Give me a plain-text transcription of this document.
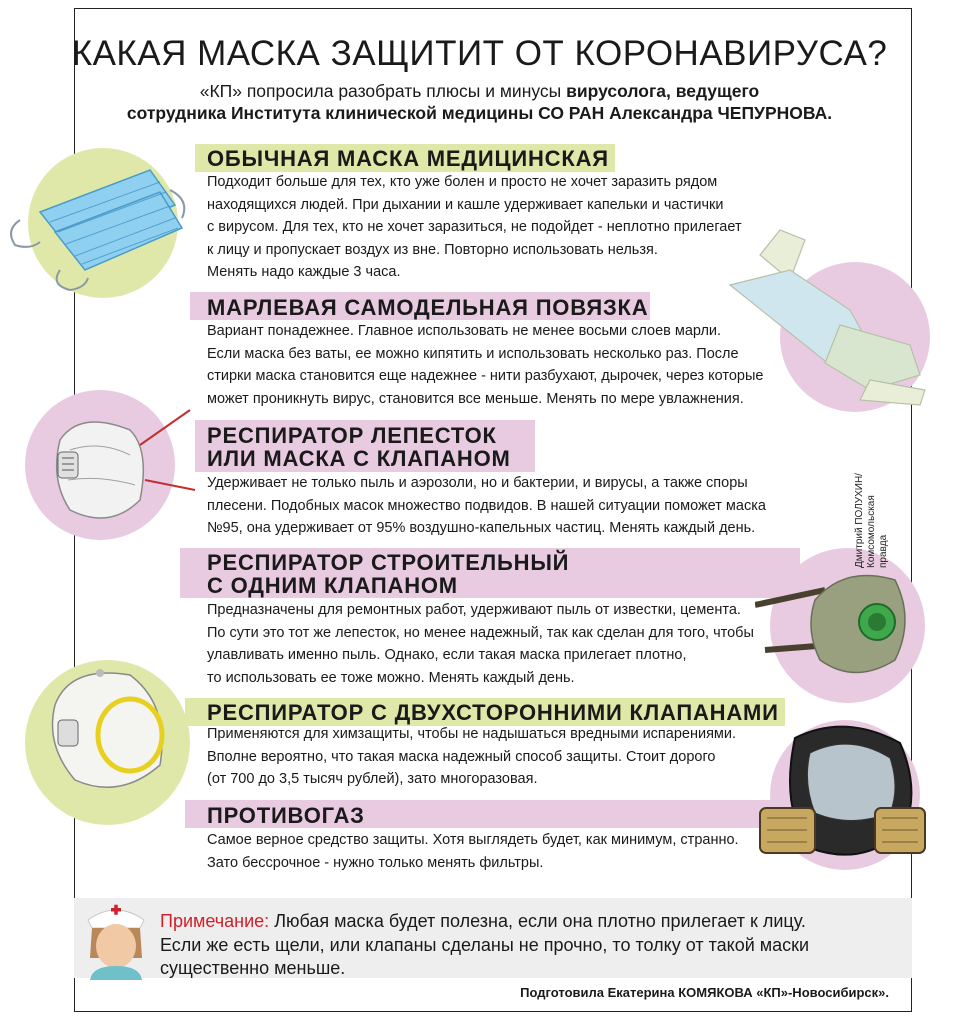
КАКАЯ МАСКА ЗАЩИТИТ ОТ КОРОНАВИРУСА?
«КП» попросила разобрать плюсы и минусы вирусолога, ведущего
сотрудника Института клинической медицины СО РАН Александра ЧЕПУРНОВА.
ОБЫЧНАЯ МАСКА МЕДИЦИНСКАЯ
Подходит больше для тех, кто уже болен и просто не хочет заразить рядом
находящихся людей. При дыхании и кашле удерживает капельки и частички
с вирусом. Для тех, кто не хочет заразиться, не подойдет - неплотно прилегает
к лицу и пропускает воздух из вне. Повторно использовать нельзя.
Менять надо каждые 3 часа.
МАРЛЕВАЯ САМОДЕЛЬНАЯ ПОВЯЗКА
Вариант понадежнее. Главное использовать не менее восьми слоев марли.
Если маска без ваты, ее можно кипятить и использовать несколько раз. После
стирки маска становится еще надежнее - нити разбухают, дырочек, через которые
может проникнуть вирус, становится все меньше. Менять по мере увлажнения.
РЕСПИРАТОР ЛЕПЕСТОК
ИЛИ МАСКА С КЛАПАНОМ
Удерживает не только пыль и аэрозоли, но и бактерии, и вирусы, а также споры
плесени. Подобных масок множество подвидов. В нашей ситуации поможет маска
№95, она удерживает от 95% воздушно-капельных частиц. Менять каждый день.
РЕСПИРАТОР СТРОИТЕЛЬНЫЙ
С ОДНИМ КЛАПАНОМ
Предназначены для ремонтных работ, удерживают пыль от известки, цемента.
По сути это тот же лепесток, но менее надежный, так как сделан для того, чтобы
улавливать именно пыль. Однако, если такая маска прилегает плотно,
то использовать ее тоже можно. Менять каждый день.
РЕСПИРАТОР С ДВУХСТОРОННИМИ КЛАПАНАМИ
Применяются для химзащиты, чтобы не надышаться вредными испарениями.
Вполне вероятно, что такая маска надежный способ защиты. Стоит дорого
(от 700 до 3,5 тысяч рублей), зато многоразовая.
ПРОТИВОГАЗ
Самое верное средство защиты. Хотя выглядеть будет, как минимум, странно.
Зато бессрочное - нужно только менять фильтры.
Дмитрий ПОЛУХИН/ Комсомольская правда
Примечание: Любая маска будет полезна, если она плотно прилегает к лицу.
Если же есть щели, или клапаны сделаны не прочно, то толку от такой маски
существенно меньше.
Подготовила Екатерина КОМЯКОВА «КП»-Новосибирск».
